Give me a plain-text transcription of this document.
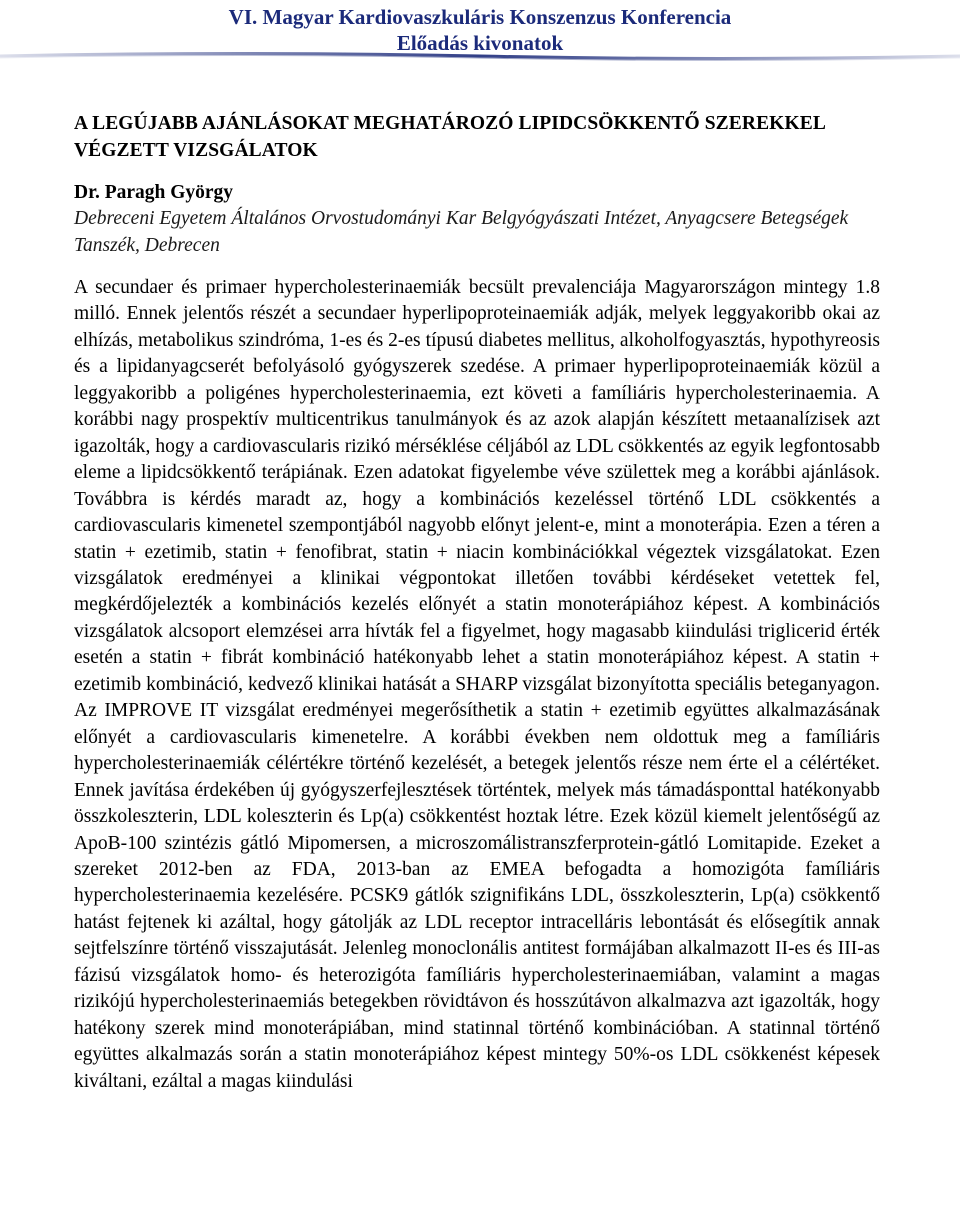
VI. Magyar Kardiovaszkuláris Konszenzus Konferencia

Előadás kivonatok

A LEGÚJABB AJÁNLÁSOKAT MEGHATÁROZÓ LIPIDCSÖKKENTŐ SZEREKKEL VÉGZETT VIZSGÁLATOK

Dr. Paragh György

Debreceni Egyetem Általános Orvostudományi Kar Belgyógyászati Intézet, Anyagcsere Betegségek Tanszék, Debrecen

A secundaer és primaer hypercholesterinaemiák becsült prevalenciája Magyarországon mintegy 1.8 milló. Ennek jelentős részét a secundaer hyperlipoproteinaemiák adják, melyek leggyakoribb okai az elhízás, metabolikus szindróma, 1-es és 2-es típusú diabetes mellitus, alkoholfogyasztás, hypothyreosis és a lipidanyagcserét befolyásoló gyógyszerek szedése. A primaer hyperlipoproteinaemiák közül a leggyakoribb a poligénes hypercholesterinaemia, ezt követi a famíliáris hypercholesterinaemia. A korábbi nagy prospektív multicentrikus tanulmányok és az azok alapján készített metaanalízisek azt igazolták, hogy a cardiovascularis rizikó mérséklése céljából az LDL csökkentés az egyik legfontosabb eleme a lipidcsökkentő terápiának. Ezen adatokat figyelembe véve születtek meg a korábbi ajánlások. Továbbra is kérdés maradt az, hogy a kombinációs kezeléssel történő LDL csökkentés a cardiovascularis kimenetel szempontjából nagyobb előnyt jelent-e, mint a monoterápia. Ezen a téren a statin + ezetimib, statin + fenofibrat, statin + niacin kombinációkkal végeztek vizsgálatokat. Ezen vizsgálatok eredményei a klinikai végpontokat illetően további kérdéseket vetettek fel, megkérdőjelezték a kombinációs kezelés előnyét a statin monoterápiához képest. A kombinációs vizsgálatok alcsoport elemzései arra hívták fel a figyelmet, hogy magasabb kiindulási triglicerid érték esetén a statin + fibrát kombináció hatékonyabb lehet a statin monoterápiához képest. A statin + ezetimib kombináció, kedvező klinikai hatását a SHARP vizsgálat bizonyította speciális beteganyagon. Az IMPROVE IT vizsgálat eredményei megerősíthetik a statin + ezetimib együttes alkalmazásának előnyét a cardiovascularis kimenetelre. A korábbi években nem oldottuk meg a famíliáris hypercholesterinaemiák célértékre történő kezelését, a betegek jelentős része nem érte el a célértéket. Ennek javítása érdekében új gyógyszerfejlesztések történtek, melyek más támadásponttal hatékonyabb összkoleszterin, LDL koleszterin és Lp(a) csökkentést hoztak létre. Ezek közül kiemelt jelentőségű az ApoB-100 szintézis gátló Mipomersen, a microszomálistranszferprotein-gátló Lomitapide. Ezeket a szereket 2012-ben az FDA, 2013-ban az EMEA befogadta a homozigóta famíliáris hypercholesterinaemia kezelésére. PCSK9 gátlók szignifikáns LDL, összkoleszterin, Lp(a) csökkentő hatást fejtenek ki azáltal, hogy gátolják az LDL receptor intracelláris lebontását és elősegítik annak sejtfelszínre történő visszajutását. Jelenleg monoclonális antitest formájában alkalmazott II-es és III-as fázisú vizsgálatok homo- és heterozigóta famíliáris hypercholesterinaemiában, valamint a magas rizikójú hypercholesterinaemiás betegekben rövidtávon és hosszútávon alkalmazva azt igazolták, hogy hatékony szerek mind monoterápiában, mind statinnal történő kombinációban. A statinnal történő együttes alkalmazás során a statin monoterápiához képest mintegy 50%-os LDL csökkenést képesek kiváltani, ezáltal a magas kiindulási
